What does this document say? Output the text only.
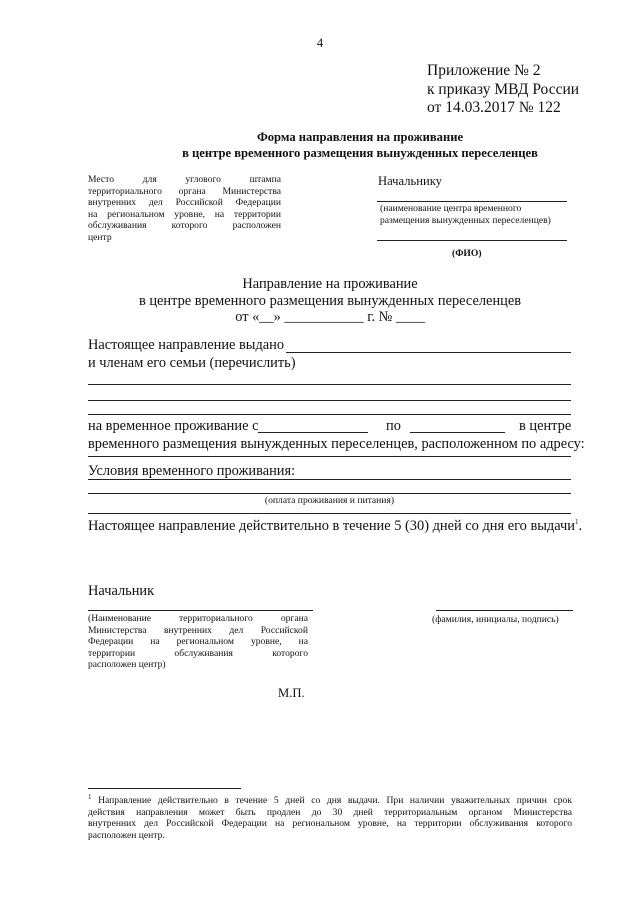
4
Приложение № 2
к приказу МВД России
от 14.03.2017 № 122
Форма направления на проживание
в центре временного размещения вынужденных переселенцев
Место для углового штампа
территориального органа Министерства
внутренних дел Российской Федерации
на региональном уровне, на территории
обслуживания которого расположен
центр
Начальнику
(наименование центра временного
размещения вынужденных переселенцев)
(ФИО)
Направление на проживание
в центре временного размещения вынужденных переселенцев
от «__» ___________ г. № ____
Настоящее направление выдано
и членам его семьи (перечислить)
на временное проживание с	по	в центре
временного размещения вынужденных переселенцев, расположенном по адресу:
Условия временного проживания:
(оплата проживания и питания)
Настоящее направление действительно в течение 5 (30) дней со дня его выдачи$^1$.
Начальник
(Наименование территориального органа
Министерства внутренних дел Российской
Федерации на региональном уровне, на
территории обслуживания которого
расположен центр)
(фамилия, инициалы, подпись)
М.П.
$^1$ Направление действительно в течение 5 дней со дня выдачи. При наличии уважительных причин срок
действия направления может быть продлен до 30 дней территориальным органом Министерства
внутренних дел Российской Федерации на региональном уровне, на территории обслуживания которого
расположен центр.
